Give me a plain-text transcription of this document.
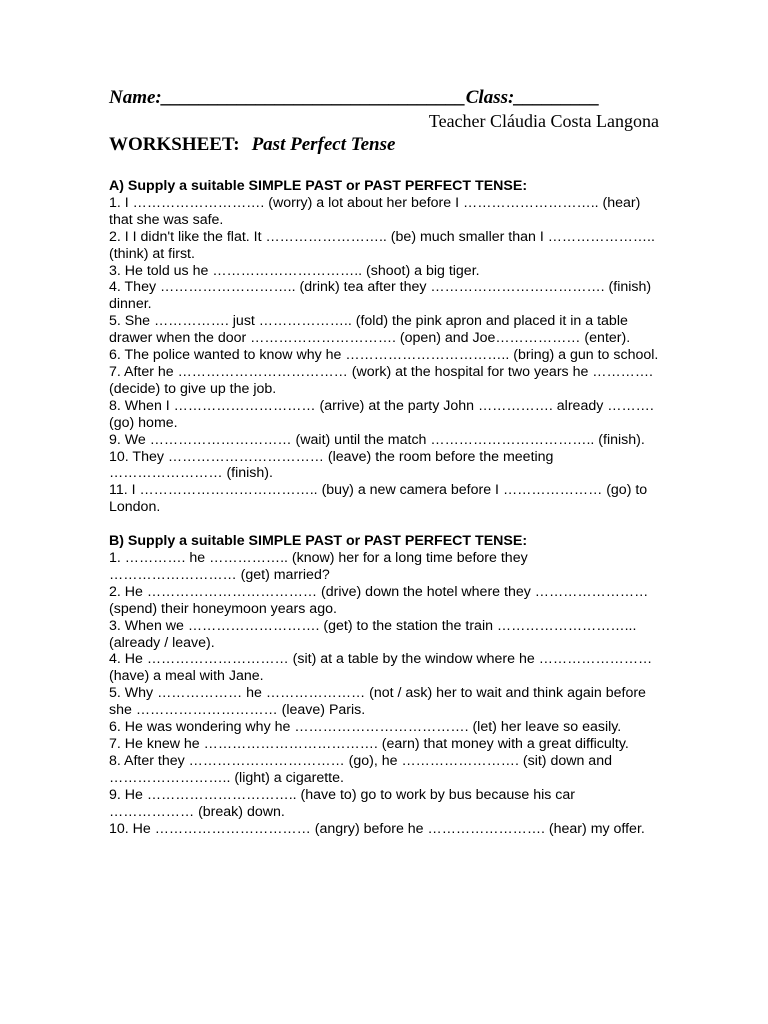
Name:________________________________Class:_________
Teacher Cláudia Costa Langona
WORKSHEET: Past Perfect Tense
A) Supply a suitable SIMPLE PAST or PAST PERFECT TENSE:

1. I ………………………. (worry) a lot about her before I ……………………….. (hear) that she was safe.

2. I I didn't like the flat. It …………………….. (be) much smaller than I ………………….. (think) at first.

3. He told us he ………………………….. (shoot) a big tiger.

4. They ……………………….. (drink) tea after they ………………………………. (finish) dinner.

5. She ……………. just ……………….. (fold) the pink apron and placed it in a table drawer when the door …………………………. (open) and Joe……………… (enter).

6. The police wanted to know why he …………………………….. (bring) a gun to school.

7. After he ……………………………… (work) at the hospital for two years he …………. (decide) to give up the job.

8. When I ………………………… (arrive) at the party John ……………. already ………. (go) home.

9. We ………………………… (wait) until the match …………………………….. (finish).

10. They …………………………… (leave) the room before the meeting …………………… (finish).

11. I ……………………………….. (buy) a new camera before I ………………… (go) to London.

B) Supply a suitable SIMPLE PAST or PAST PERFECT TENSE:

1. …………. he …………….. (know) her for a long time before they ……………………… (get) married?

2. He ……………………………… (drive) down the hotel where they …………………… (spend) their honeymoon years ago.

3. When we ………………………. (get) to the station the train ………………………... (already / leave).

4. He ………………………… (sit) at a table by the window where he …………………… (have) a meal with Jane.

5. Why ……………… he ………………… (not / ask) her to wait and think again before she ………………………… (leave) Paris.

6. He was wondering why he ………………………………. (let) her leave so easily.

7. He knew he ………………………………. (earn) that money with a great difficulty.

8. After they …………………………… (go), he ……………………. (sit) down and …………………….. (light) a cigarette.

9. He ………………………….. (have to) go to work by bus because his car ……………… (break) down.

10. He …………………………… (angry) before he ……………………. (hear) my offer.
